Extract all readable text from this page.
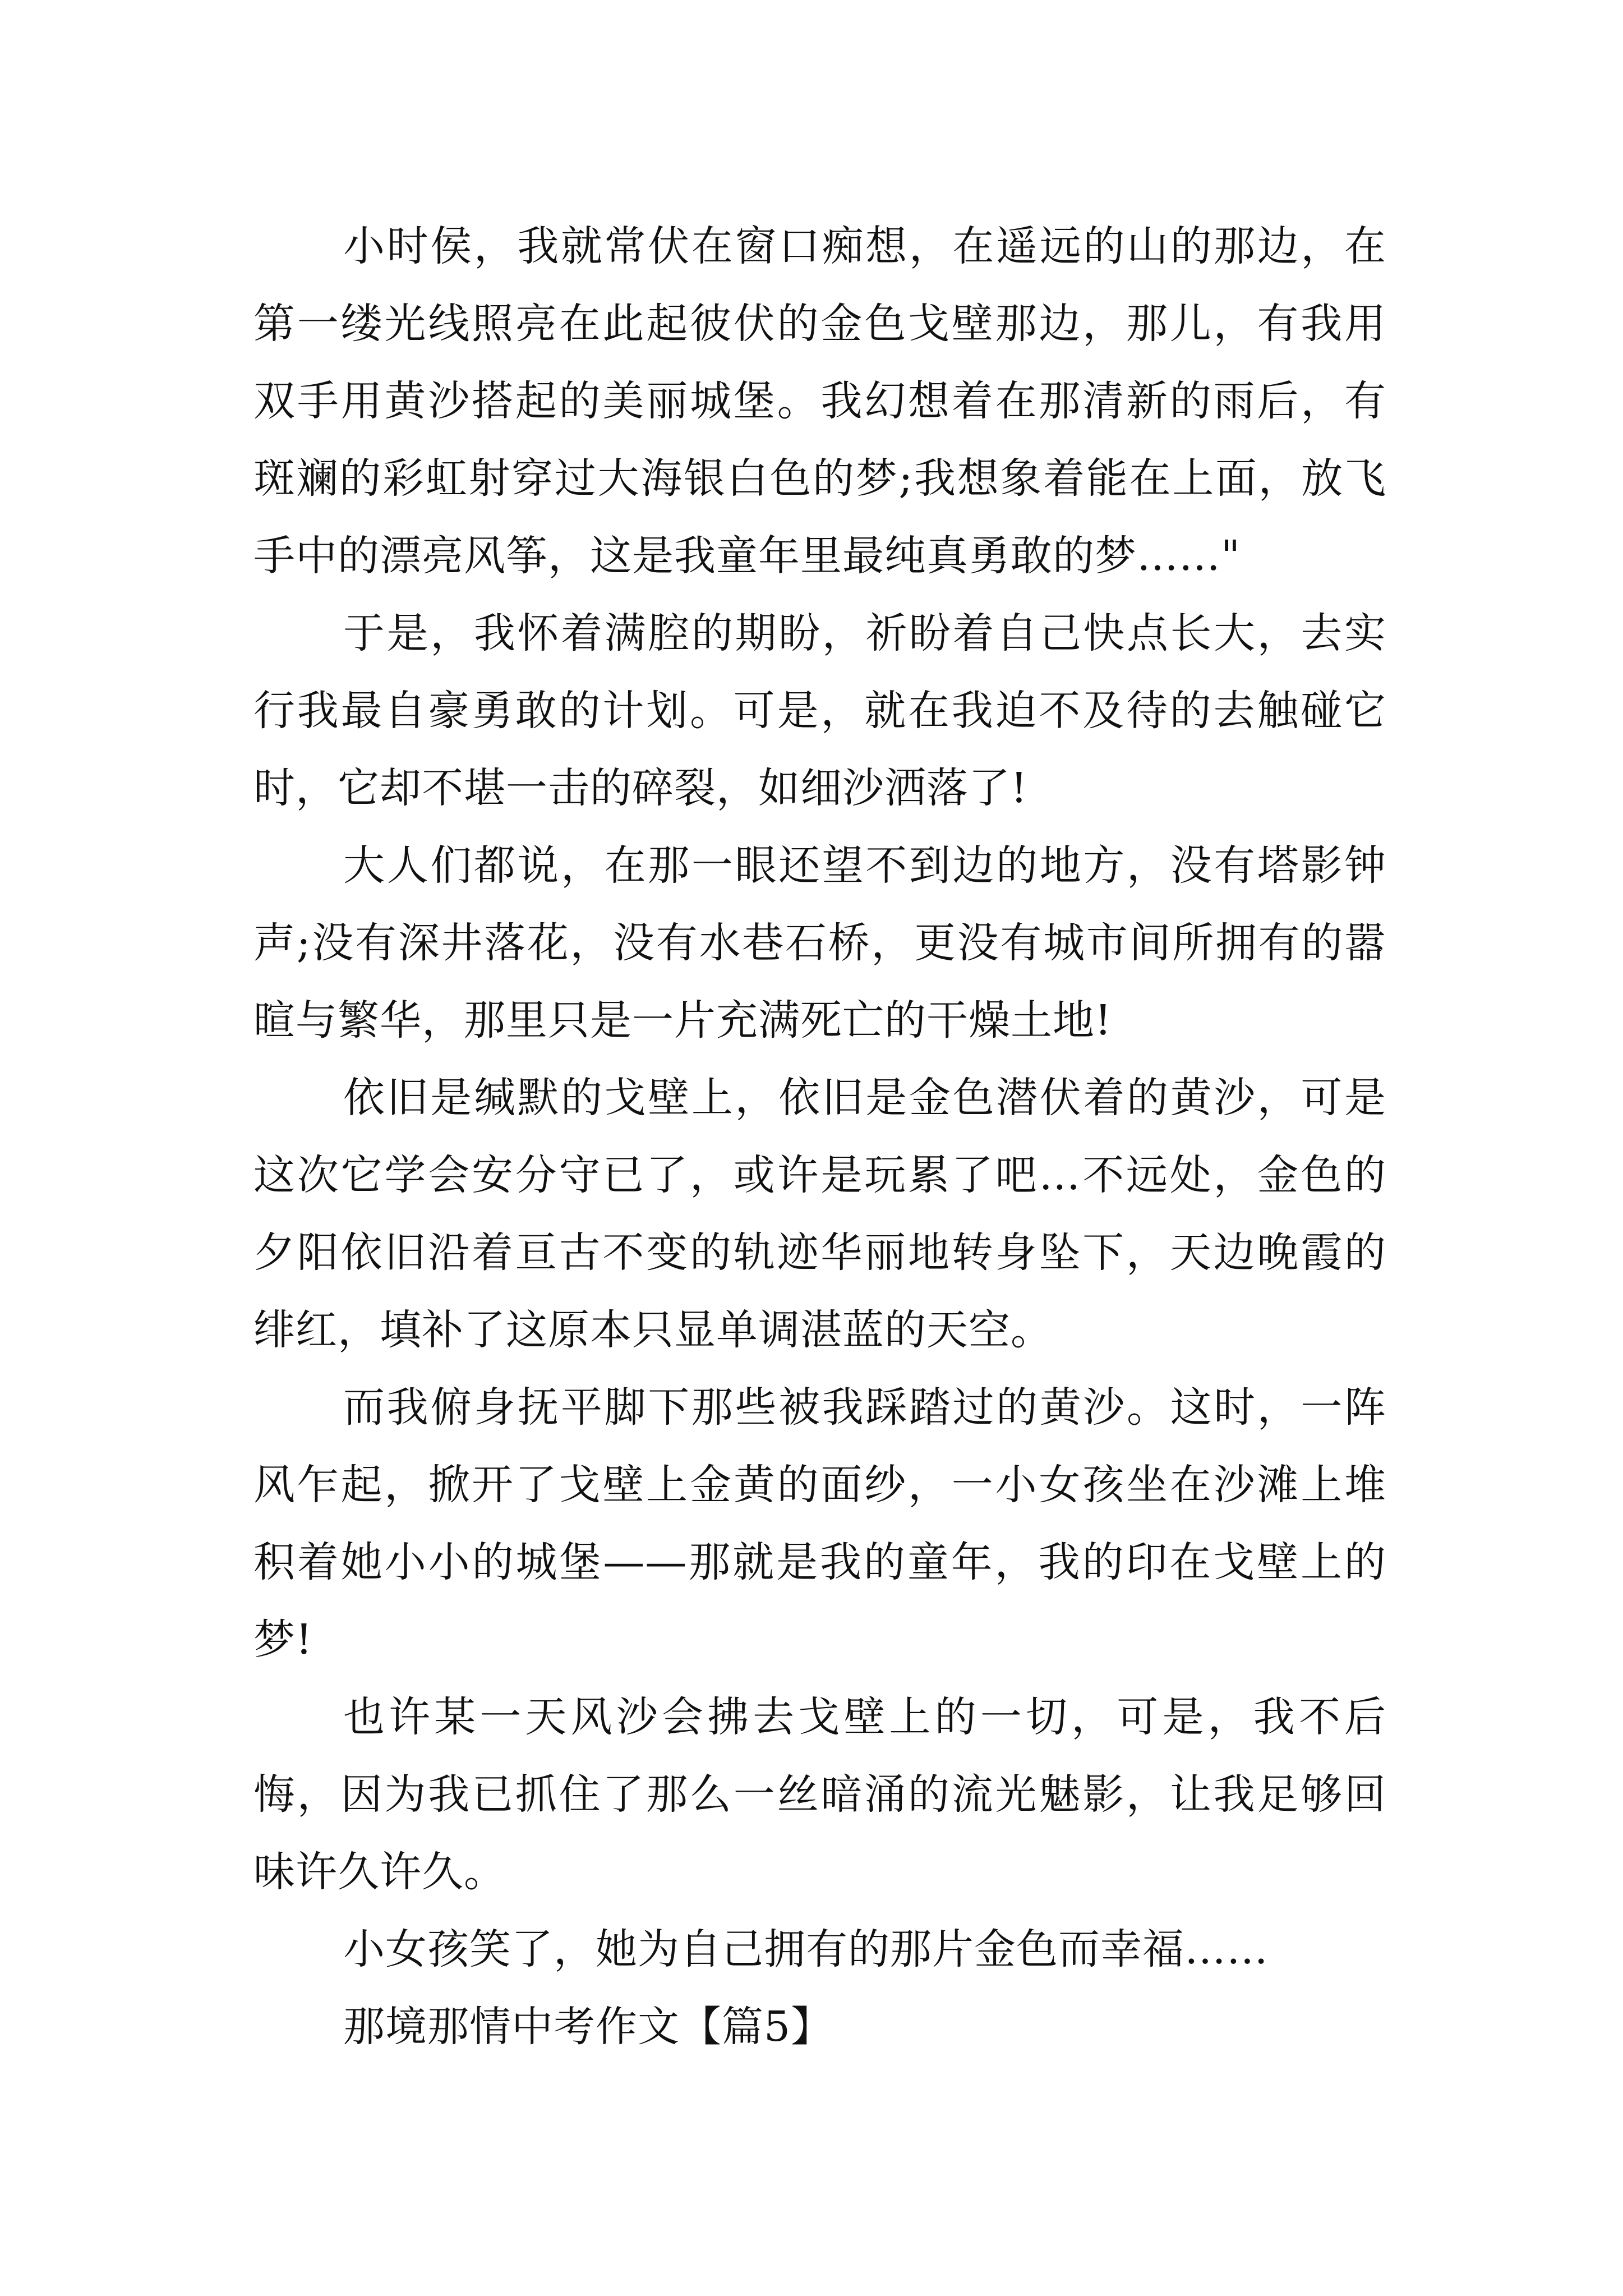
小时侯，我就常伏在窗口痴想，在遥远的山的那边，在第一缕光线照亮在此起彼伏的金色戈壁那边，那儿，有我用双手用黄沙搭起的美丽城堡。我幻想着在那清新的雨后，有斑斓的彩虹射穿过大海银白色的梦;我想象着能在上面，放飞手中的漂亮风筝，这是我童年里最纯真勇敢的梦……"

于是，我怀着满腔的期盼，祈盼着自己快点长大，去实行我最自豪勇敢的计划。可是，就在我迫不及待的去触碰它时，它却不堪一击的碎裂，如细沙洒落了!

大人们都说，在那一眼还望不到边的地方，没有塔影钟声;没有深井落花，没有水巷石桥，更没有城市间所拥有的嚣暄与繁华，那里只是一片充满死亡的干燥土地!

依旧是缄默的戈壁上，依旧是金色潜伏着的黄沙，可是这次它学会安分守已了，或许是玩累了吧…不远处，金色的夕阳依旧沿着亘古不变的轨迹华丽地转身坠下，天边晚霞的绯红，填补了这原本只显单调湛蓝的天空。

而我俯身抚平脚下那些被我踩踏过的黄沙。这时，一阵风乍起，掀开了戈壁上金黄的面纱，一小女孩坐在沙滩上堆积着她小小的城堡——那就是我的童年，我的印在戈壁上的梦!

也许某一天风沙会拂去戈壁上的一切，可是，我不后悔，因为我已抓住了那么一丝暗涌的流光魅影，让我足够回味许久许久。

小女孩笑了，她为自己拥有的那片金色而幸福……

那境那情中考作文【篇5】
